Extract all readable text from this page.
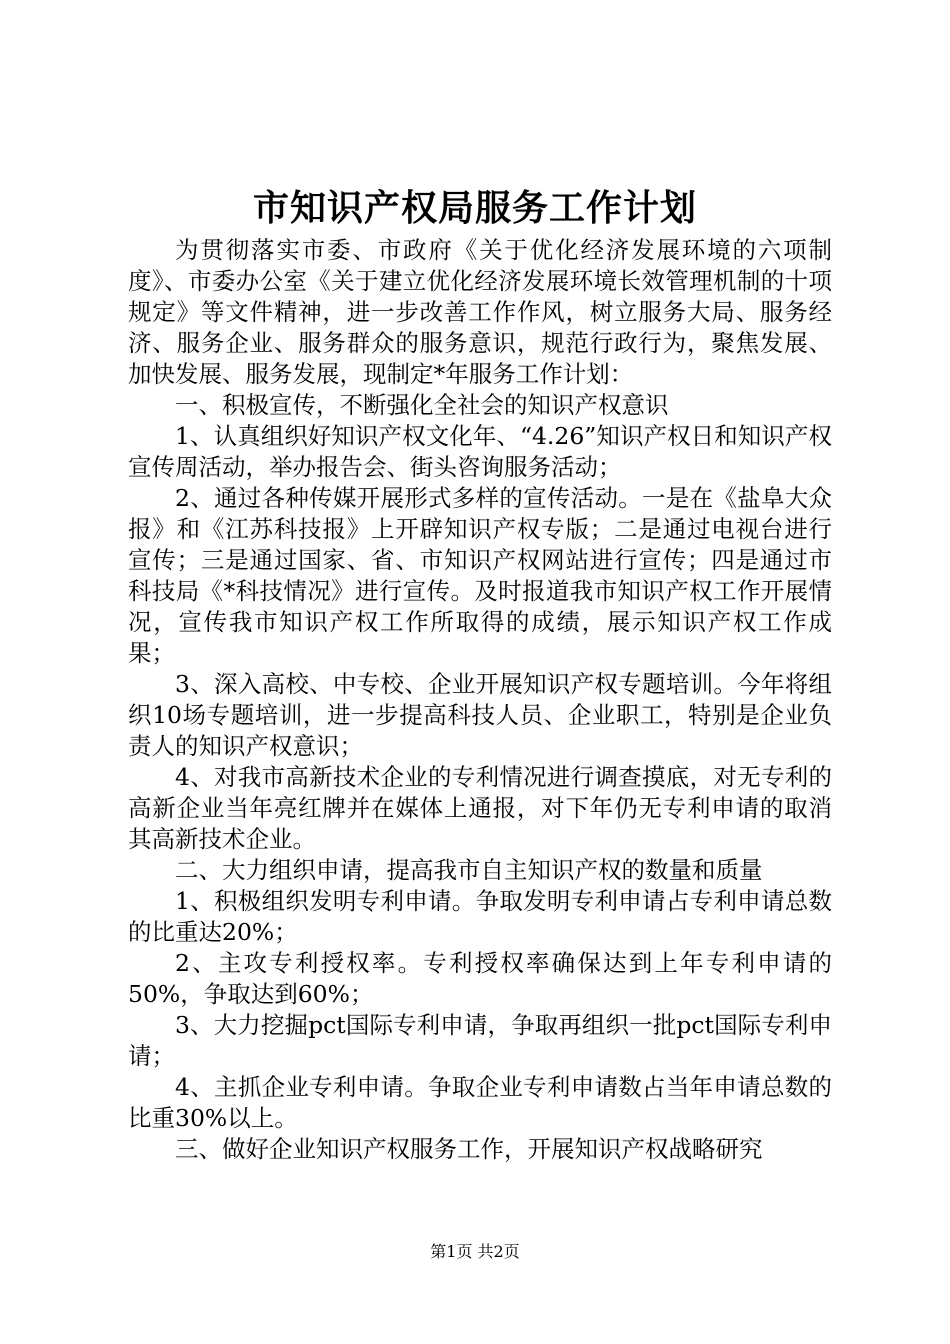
市知识产权局服务工作计划

为贯彻落实市委、市政府《关于优化经济发展环境的六项制度》、市委办公室《关于建立优化经济发展环境长效管理机制的十项规定》等文件精神，进一步改善工作作风，树立服务大局、服务经济、服务企业、服务群众的服务意识，规范行政行为，聚焦发展、加快发展、服务发展，现制定*年服务工作计划：

一、积极宣传，不断强化全社会的知识产权意识

1、认真组织好知识产权文化年、“4.26”知识产权日和知识产权宣传周活动，举办报告会、街头咨询服务活动；

2、通过各种传媒开展形式多样的宣传活动。一是在《盐阜大众报》和《江苏科技报》上开辟知识产权专版；二是通过电视台进行宣传；三是通过国家、省、市知识产权网站进行宣传；四是通过市科技局《*科技情况》进行宣传。及时报道我市知识产权工作开展情况，宣传我市知识产权工作所取得的成绩，展示知识产权工作成果；

3、深入高校、中专校、企业开展知识产权专题培训。今年将组织10场专题培训，进一步提高科技人员、企业职工，特别是企业负责人的知识产权意识；

4、对我市高新技术企业的专利情况进行调查摸底，对无专利的高新企业当年亮红牌并在媒体上通报，对下年仍无专利申请的取消其高新技术企业。

二、大力组织申请，提高我市自主知识产权的数量和质量

1、积极组织发明专利申请。争取发明专利申请占专利申请总数的比重达20%；

2、主攻专利授权率。专利授权率确保达到上年专利申请的50%，争取达到60%；

3、大力挖掘pct国际专利申请，争取再组织一批pct国际专利申请；

4、主抓企业专利申请。争取企业专利申请数占当年申请总数的比重30%以上。

三、做好企业知识产权服务工作，开展知识产权战略研究

第1页 共2页
